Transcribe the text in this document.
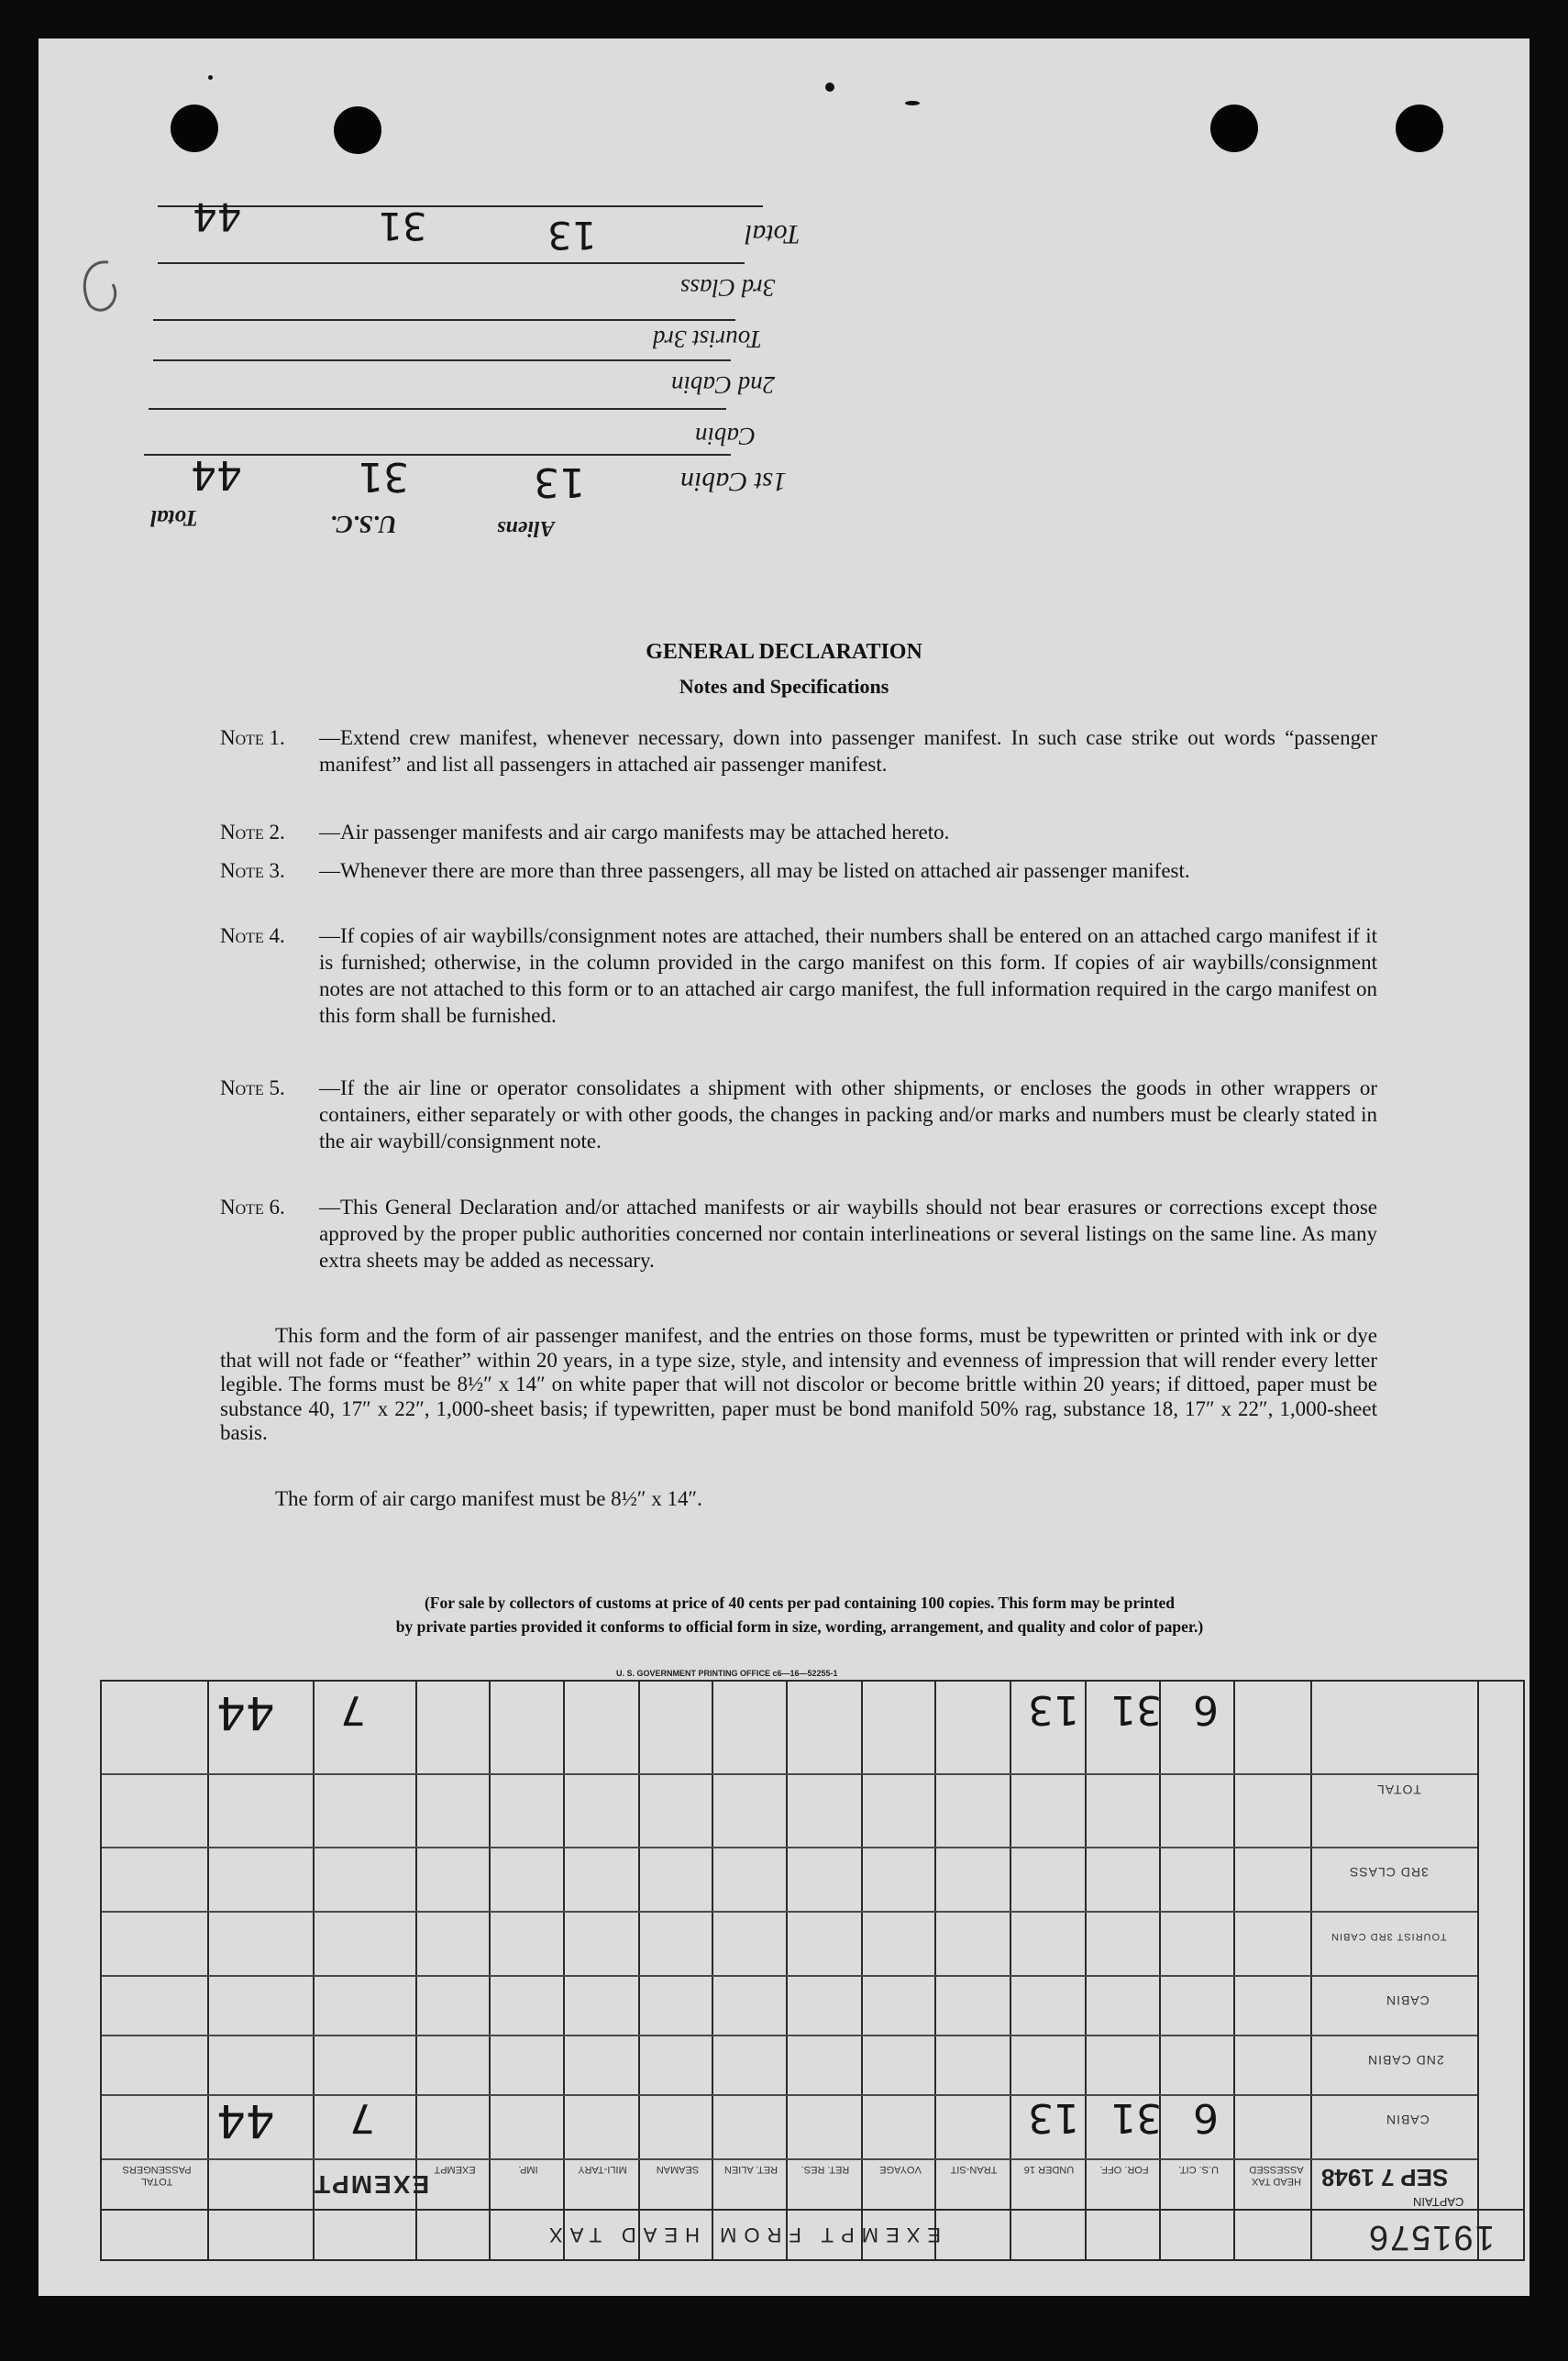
Total
3rd Class
Tourist 3rd
2nd Cabin
Cabin
1st Cabin
Aliens
U.S.C.
Total
13
31
44
13
31
44
GENERAL DECLARATION
Notes and Specifications
Note 1. —Extend crew manifest, whenever necessary, down into passenger manifest. In such case strike out words “passenger manifest” and list all passengers in attached air passenger manifest.
Note 2. —Air passenger manifests and air cargo manifests may be attached hereto.
Note 3. —Whenever there are more than three passengers, all may be listed on attached air passenger manifest.
Note 4. —If copies of air waybills/consignment notes are attached, their numbers shall be entered on an attached cargo manifest if it is furnished; otherwise, in the column provided in the cargo manifest on this form. If copies of air waybills/consignment notes are not attached to this form or to an attached air cargo manifest, the full information required in the cargo manifest on this form shall be furnished.
Note 5. —If the air line or operator consolidates a shipment with other shipments, or encloses the goods in other wrappers or containers, either separately or with other goods, the changes in packing and/or marks and numbers must be clearly stated in the air waybill/consignment note.
Note 6. —This General Declaration and/or attached manifests or air waybills should not bear erasures or corrections except those approved by the proper public authorities concerned nor contain interlineations or several listings on the same line. As many extra sheets may be added as necessary.
This form and the form of air passenger manifest, and the entries on those forms, must be typewritten or printed with ink or dye that will not fade or “feather” within 20 years, in a type size, style, and intensity and evenness of impression that will render every letter legible. The forms must be 8½″ x 14″ on white paper that will not discolor or become brittle within 20 years; if dittoed, paper must be substance 40, 17″ x 22″, 1,000-sheet basis; if typewritten, paper must be bond manifold 50% rag, substance 18, 17″ x 22″, 1,000-sheet basis.
The form of air cargo manifest must be 8½″ x 14″.
(For sale by collectors of customs at price of 40 cents per pad containing 100 copies. This form may be printed
by private parties provided it conforms to official form in size, wording, arrangement, and quality and color of paper.)
U. S. GOVERNMENT PRINTING OFFICE c6—16—52255-1
TOTAL
3RD CLASS
TOURIST 3RD CABIN
CABIN
CABIN
2ND CABIN
HEAD TAX ASSESSED
U.S. CIT.
FOR. OFF.
UNDER 16
TRAN-SIT
VOYAGE
RET. RES.
RET. ALIEN
SEAMAN
MILI-TARY
IMP.
EXEMPT
TOTAL PASSENGERS
6
31
13
7
44
6
31
13
7
44
EXEMPT	SEP 7 1948
CAPTAIN
EXEMPT FROM HEAD TAX	191576
